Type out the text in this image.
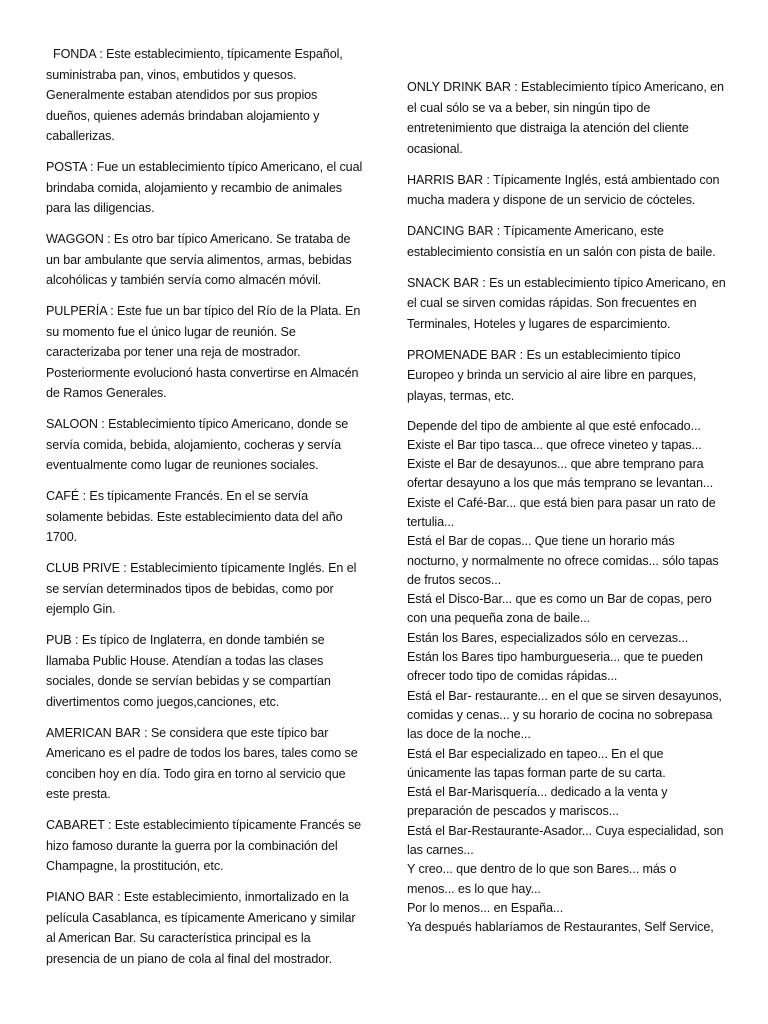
FONDA : Este establecimiento, típicamente Español, suministraba pan, vinos, embutidos y quesos. Generalmente estaban atendidos por sus propios dueños, quienes además brindaban alojamiento y caballerizas.

POSTA : Fue un establecimiento típico Americano, el cual brindaba comida, alojamiento y recambio de animales para las diligencias.

WAGGON : Es otro bar típico Americano. Se trataba de un bar ambulante que servía alimentos, armas, bebidas alcohólicas y también servía como almacén móvil.

PULPERÍA : Este fue un bar típico del Río de la Plata. En su momento fue el único lugar de reunión. Se caracterizaba por tener una reja de mostrador. Posteriormente evolucionó hasta convertirse en Almacén de Ramos Generales.

SALOON : Establecimiento típico Americano, donde se servía comida, bebida, alojamiento, cocheras y servía eventualmente como lugar de reuniones sociales.

CAFÉ : Es típicamente Francés. En el se servía solamente bebidas. Este establecimiento data del año 1700.

CLUB PRIVE : Establecimiento típicamente Inglés. En el se servían determinados tipos de bebidas, como por ejemplo Gin.

PUB : Es típico de Inglaterra, en donde también se llamaba Public House. Atendían a todas las clases sociales, donde se servían bebidas y se compartían divertimentos como juegos,canciones, etc.

AMERICAN BAR : Se considera que este típico bar Americano es el padre de todos los bares, tales como se conciben hoy en día. Todo gira en torno al servicio que este presta.

CABARET : Este establecimiento típicamente Francés se hizo famoso durante la guerra por la combinación del Champagne, la prostitución, etc.

PIANO BAR : Este establecimiento, inmortalizado en la película Casablanca, es típicamente Americano y similar al American Bar. Su característica principal es la presencia de un piano de cola al final del mostrador.

ONLY DRINK BAR : Establecimiento típico Americano, en el cual sólo se va a beber, sin ningún tipo de entretenimiento que distraiga la atención del cliente ocasional.

HARRIS BAR : Típicamente Inglés, está ambientado con mucha madera y dispone de un servicio de cócteles.

DANCING BAR : Típicamente Americano, este establecimiento consistía en un salón con pista de baile.

SNACK BAR : Es un establecimiento típico Americano, en el cual se sirven comidas rápidas. Son frecuentes en Terminales, Hoteles y lugares de esparcimiento.

PROMENADE BAR : Es un establecimiento típico Europeo y brinda un servicio al aire libre en parques, playas, termas, etc.

Depende del tipo de ambiente al que esté enfocado...
Existe el Bar tipo tasca... que ofrece vineteo y tapas...
Existe el Bar de desayunos... que abre temprano para ofertar desayuno a los que más temprano se levantan...
Existe el Café-Bar... que está bien para pasar un rato de tertulia...
Está el Bar de copas... Que tiene un horario más nocturno, y normalmente no ofrece comidas... sólo tapas de frutos secos...
Está el Disco-Bar... que es como un Bar de copas, pero con una pequeña zona de baile...
Están los Bares, especializados sólo en cervezas...
Están los Bares tipo hamburgueseria... que te pueden ofrecer todo tipo de comidas rápidas...
Está el Bar- restaurante... en el que se sirven desayunos, comidas y cenas... y su horario de cocina no sobrepasa las doce de la noche...
Está el Bar especializado en tapeo... En el que únicamente las tapas forman parte de su carta.
Está el Bar-Marisquería... dedicado a la venta y preparación de pescados y mariscos...
Está el Bar-Restaurante-Asador... Cuya especialidad, son las carnes...
Y creo... que dentro de lo que son Bares... más o menos... es lo que hay...
Por lo menos... en España...
Ya después hablaríamos de Restaurantes, Self Service,
